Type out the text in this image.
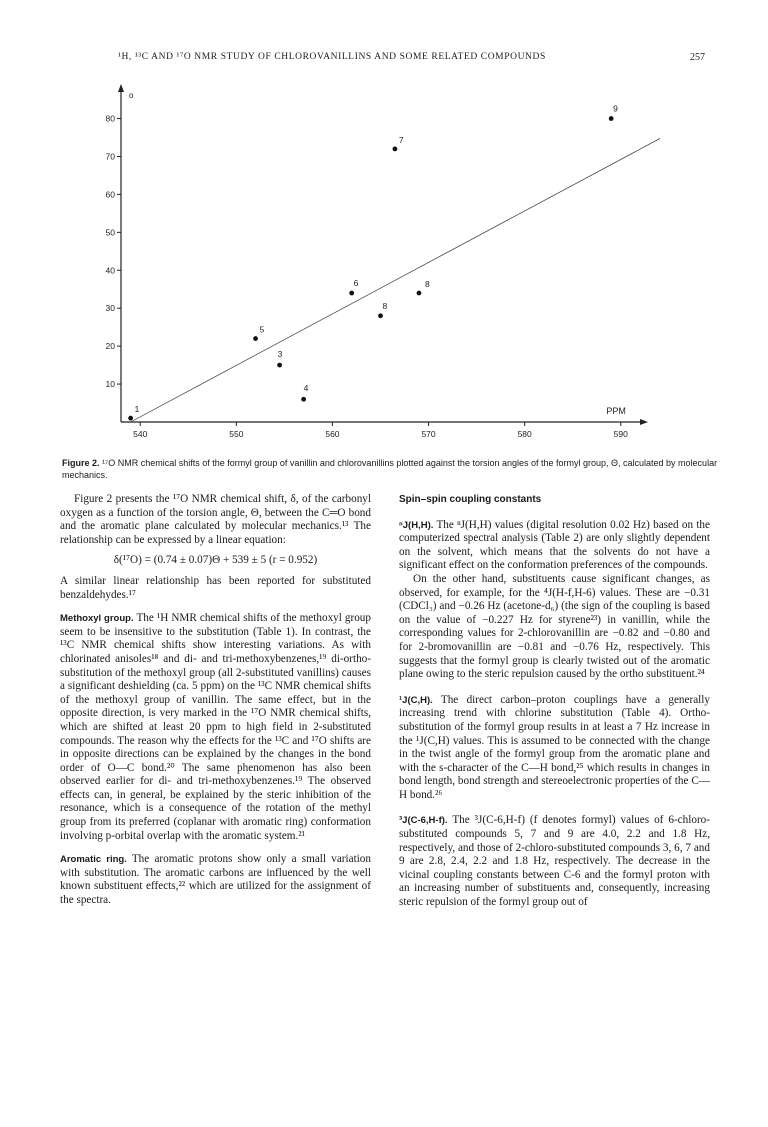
¹H, ¹³C AND ¹⁷O NMR STUDY OF CHLOROVANILLINS AND SOME RELATED COMPOUNDS	257
10
20
30
40
50
60
70
80
540	550	560	570	580	590
1
4
8
5
3
6	8
7
9
PPM
o
Figure 2. ¹⁷O NMR chemical shifts of the formyl group of vanillin and chlorovanillins plotted against the torsion angles of the formyl group, Θ, calculated by molecular mechanics.

Figure 2 presents the ¹⁷O NMR chemical shift, δ, of the carbonyl oxygen as a function of the torsion angle, Θ, between the C═O bond and the aromatic plane calculated by molecular mechanics.¹³ The relationship can be expressed by a linear equation:

δ(¹⁷O) = (0.74 ± 0.07)Θ + 539 ± 5 (r = 0.952)

A similar linear relationship has been reported for substituted benzaldehydes.¹⁷

Methoxyl group. The ¹H NMR chemical shifts of the methoxyl group seem to be insensitive to the substitution (Table 1). In contrast, the ¹³C NMR chemical shifts show interesting variations. As with chlorinated anisoles¹⁸ and di- and tri-methoxybenzenes,¹⁹ di-ortho-substitution of the methoxyl group (all 2-substituted vanillins) causes a significant deshielding (ca. 5 ppm) on the ¹³C NMR chemical shifts of the methoxyl group of vanillin. The same effect, but in the opposite direction, is very marked in the ¹⁷O NMR chemical shifts, which are shifted at least 20 ppm to high field in 2-substituted compounds. The reason why the effects for the ¹³C and ¹⁷O shifts are in opposite directions can be explained by the changes in the bond order of O—C bond.²⁰ The same phenomenon has also been observed earlier for di- and tri-methoxybenzenes.¹⁹ The observed effects can, in general, be explained by the steric inhibition of the resonance, which is a consequence of the rotation of the methyl group from its preferred (coplanar with aromatic ring) conformation involving p-orbital overlap with the aromatic system.²¹

Aromatic ring. The aromatic protons show only a small variation with substitution. The aromatic carbons are influenced by the well known substituent effects,²² which are utilized for the assignment of the spectra.

Spin–spin coupling constants

ⁿJ(H,H). The ⁿJ(H,H) values (digital resolution 0.02 Hz) based on the computerized spectral analysis (Table 2) are only slightly dependent on the solvent, which means that the solvents do not have a significant effect on the conformation preferences of the compounds.

On the other hand, substituents cause significant changes, as observed, for example, for the ⁴J(H-f,H-6) values. These are −0.31 (CDCl₃) and −0.26 Hz (acetone-d₆) (the sign of the coupling is based on the value of −0.227 Hz for styrene²³) in vanillin, while the corresponding values for 2-chlorovanillin are −0.82 and −0.80 and for 2-bromovanillin are −0.81 and −0.76 Hz, respectively. This suggests that the formyl group is clearly twisted out of the aromatic plane owing to the steric repulsion caused by the ortho substituent.²⁴

¹J(C,H). The direct carbon–proton couplings have a generally increasing trend with chlorine substitution (Table 4). Ortho-substitution of the formyl group results in at least a 7 Hz increase in the ¹J(C,H) values. This is assumed to be connected with the change in the twist angle of the formyl group from the aromatic plane and with the s-character of the C—H bond,²⁵ which results in changes in bond length, bond strength and stereoelectronic properties of the C—H bond.²⁶

³J(C-6,H-f). The ³J(C-6,H-f) (f denotes formyl) values of 6-chloro-substituted compounds 5, 7 and 9 are 4.0, 2.2 and 1.8 Hz, respectively, and those of 2-chloro-substituted compounds 3, 6, 7 and 9 are 2.8, 2.4, 2.2 and 1.8 Hz, respectively. The decrease in the vicinal coupling constants between C-6 and the formyl proton with an increasing number of substituents and, consequently, increasing steric repulsion of the formyl group out of
